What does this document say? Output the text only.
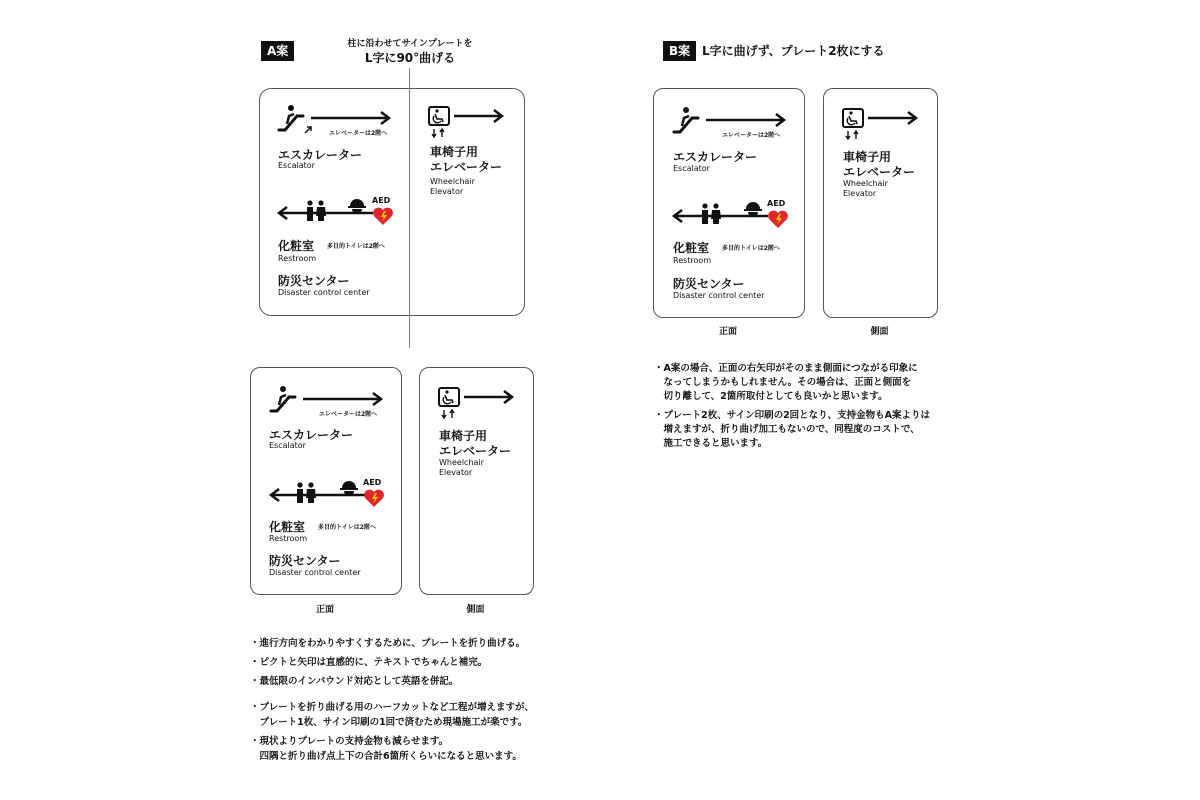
A案	柱に沿わせてサインプレートを
L字に90°曲げる	B案 L字に曲げず、プレート2枚にする
エレベーターは2階へ
エスカレーター
Escalator
AED
化粧室 多目的トイレは2階へ
Restroom
防災センター
Disaster control center
車椅子用
エレベーター
Wheelchair
Elevator
エレベーターは2階へ
エスカレーター
Escalator
AED
化粧室 多目的トイレは2階へ
Restroom
防災センター
Disaster control center
車椅子用
エレベーター
Wheelchair
Elevator
正面	側面
エレベーターは2階へ
エスカレーター
Escalator
AED
化粧室 多目的トイレは2階へ
Restroom
防災センター
Disaster control center
車椅子用
エレベーター
Wheelchair
Elevator
正面	側面
・進行方向をわかりやすくするために、プレートを折り曲げる。
・ピクトと矢印は直感的に、テキストでちゃんと補完。
・最低限のインバウンド対応として英語を併記。
・プレートを折り曲げる用のハーフカットなど工程が増えますが、
　プレート1枚、サイン印刷の1回で済むため現場施工が楽です。
・現状よりプレートの支持金物も減らせます。
　四隅と折り曲げ点上下の合計6箇所くらいになると思います。
・A案の場合、正面の右矢印がそのまま側面につながる印象に
　なってしまうかもしれません。その場合は、正面と側面を
　切り離して、2箇所取付としても良いかと思います。
・プレート2枚、サイン印刷の2回となり、支持金物もA案よりは
　増えますが、折り曲げ加工もないので、同程度のコストで、
　施工できると思います。
